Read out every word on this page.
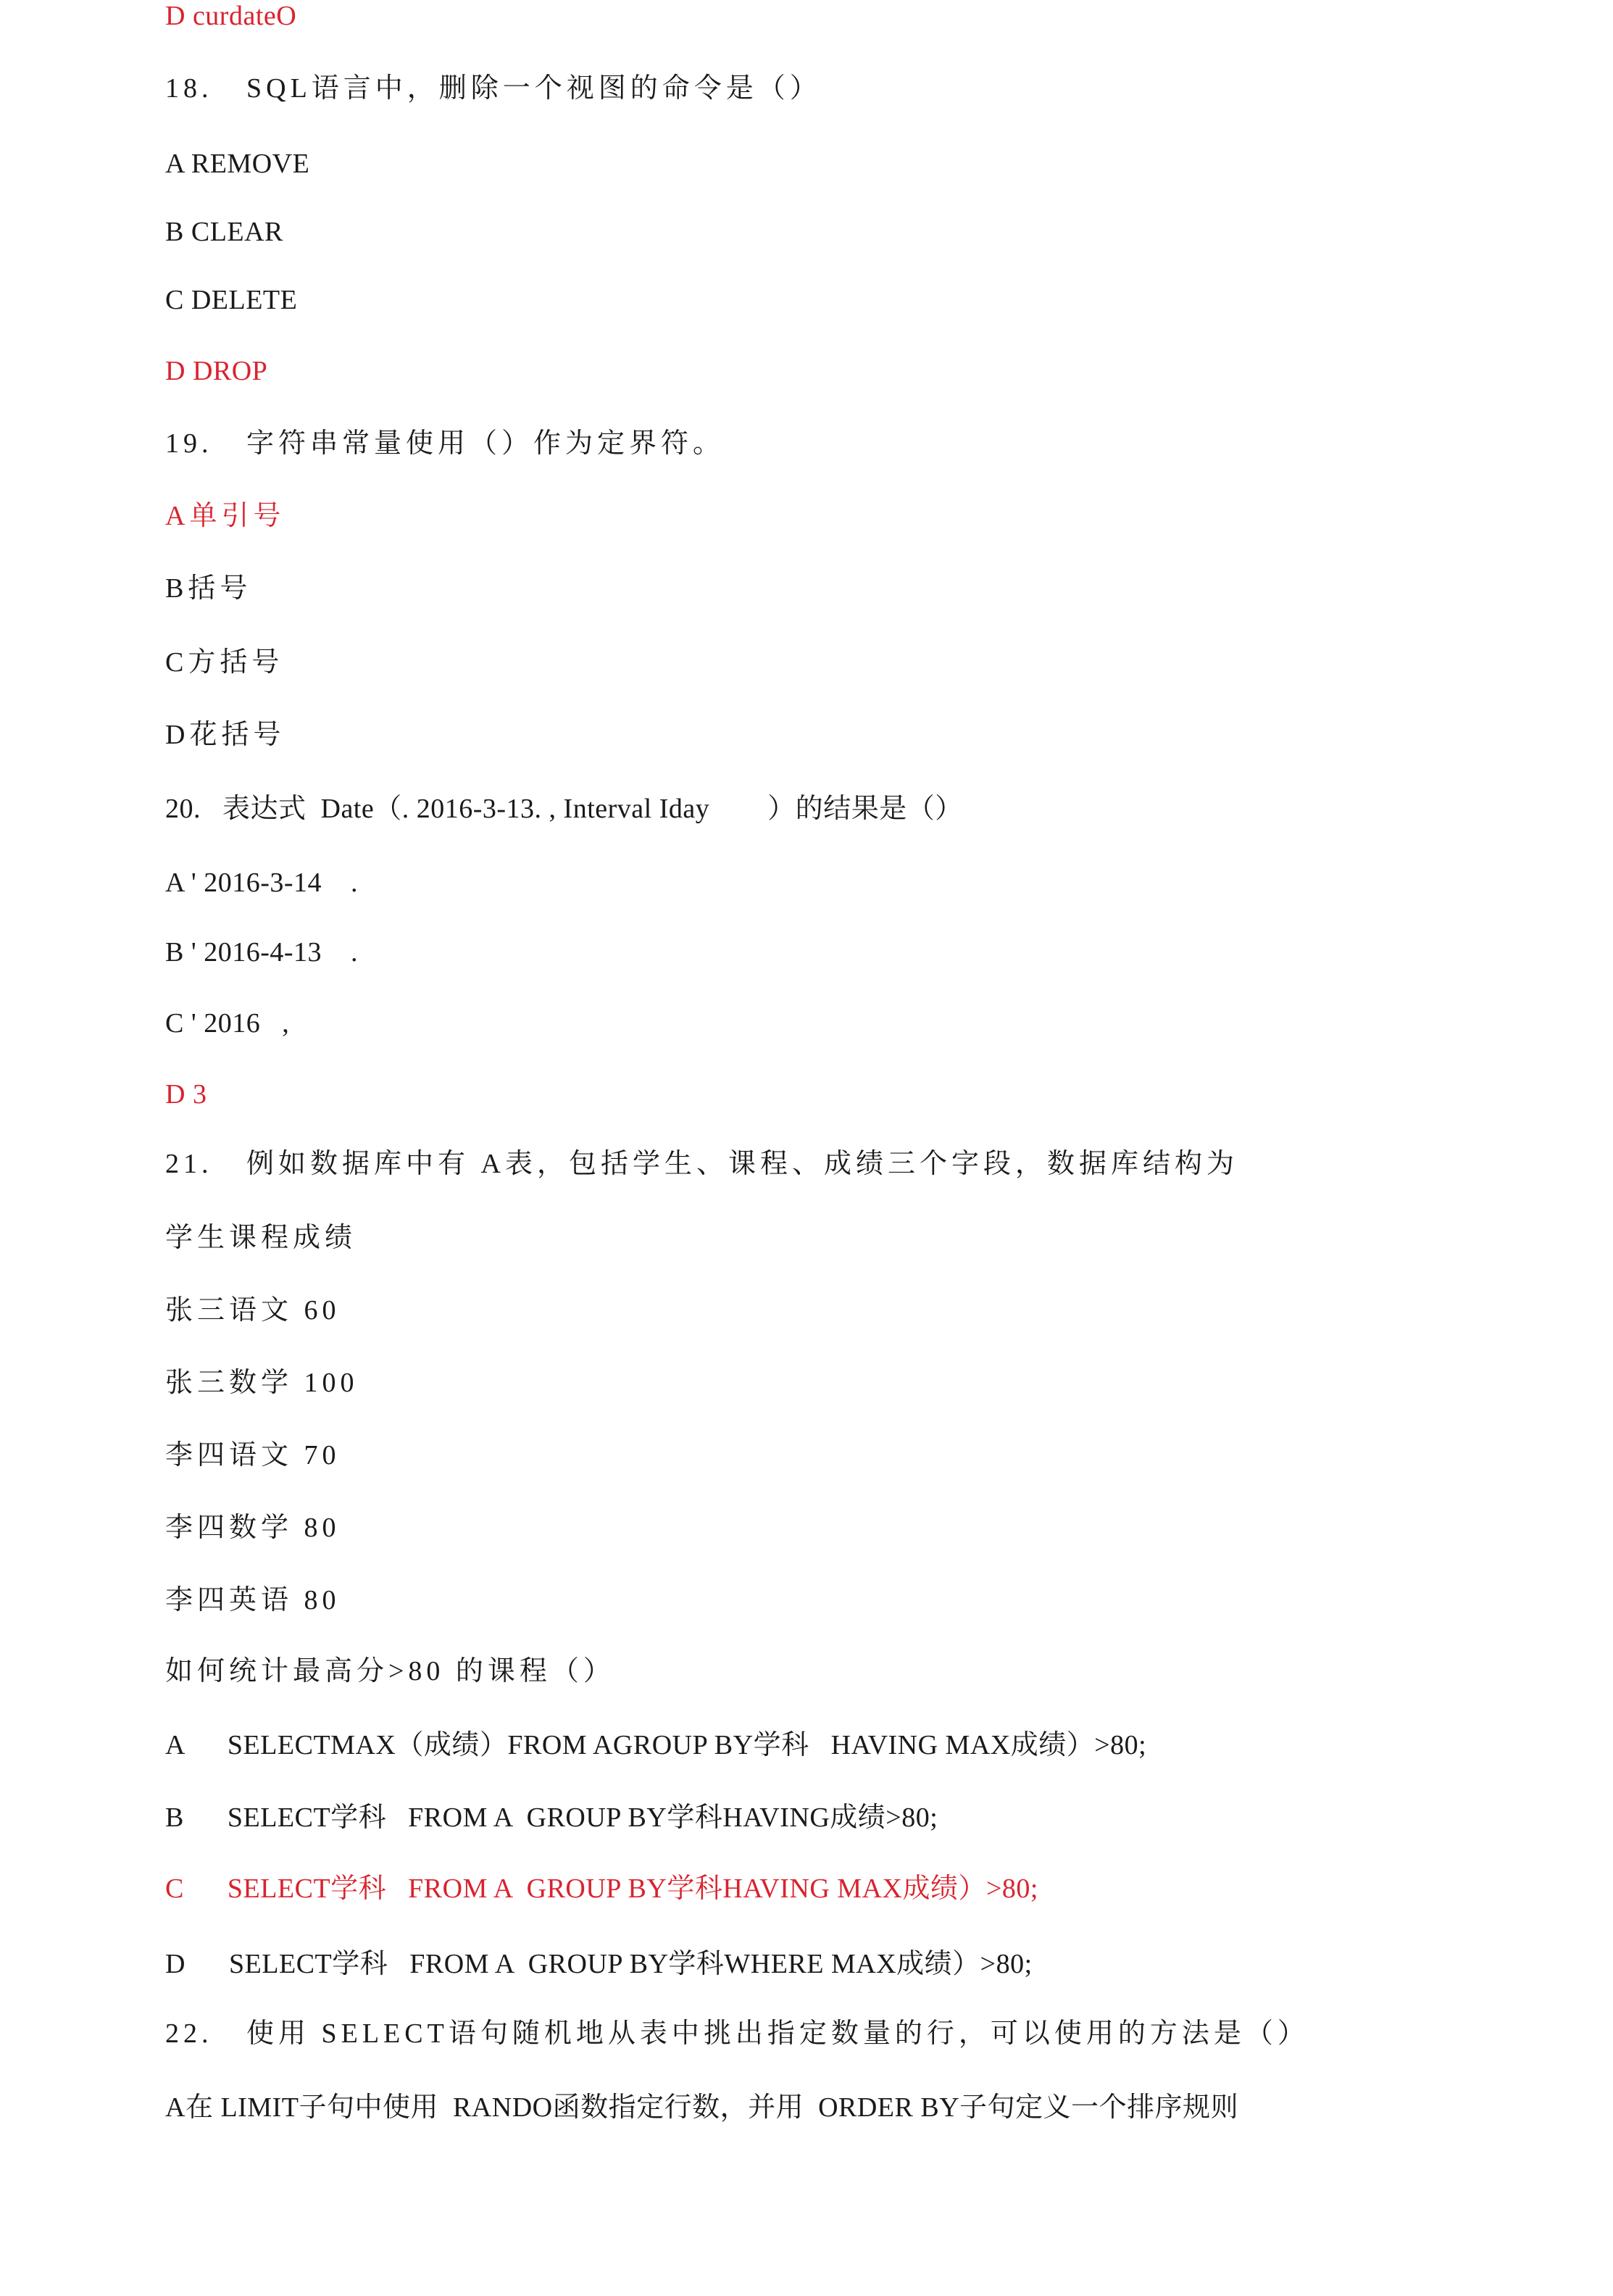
D curdateO
18.   SQL语言中，删除一个视图的命令是（）
A REMOVE
B CLEAR
C DELETE
D DROP
19.   字符串常量使用（）作为定界符。
A单引号
B括号
C方括号
D花括号
20.   表达式  Date（. 2016-3-13. , Interval Iday        ）的结果是（）
A ' 2016-3-14    .
B ' 2016-4-13    .
C ' 2016   ,
D 3
21.   例如数据库中有 A表，包括学生、课程、成绩三个字段，数据库结构为
学生课程成绩
张三语文 60
张三数学 100
李四语文 70
李四数学 80
李四英语 80
如何统计最高分>80 的课程（）
A      SELECTMAX（成绩）FROM AGROUP BY学科   HAVING MAX成绩）>80;
B      SELECT学科   FROM A  GROUP BY学科HAVING成绩>80;
C      SELECT学科   FROM A  GROUP BY学科HAVING MAX成绩）>80;
D      SELECT学科   FROM A  GROUP BY学科WHERE MAX成绩）>80;
22.   使用 SELECT语句随机地从表中挑出指定数量的行，可以使用的方法是（）
A在 LIMIT子句中使用  RANDO函数指定行数，并用  ORDER BY子句定义一个排序规则
